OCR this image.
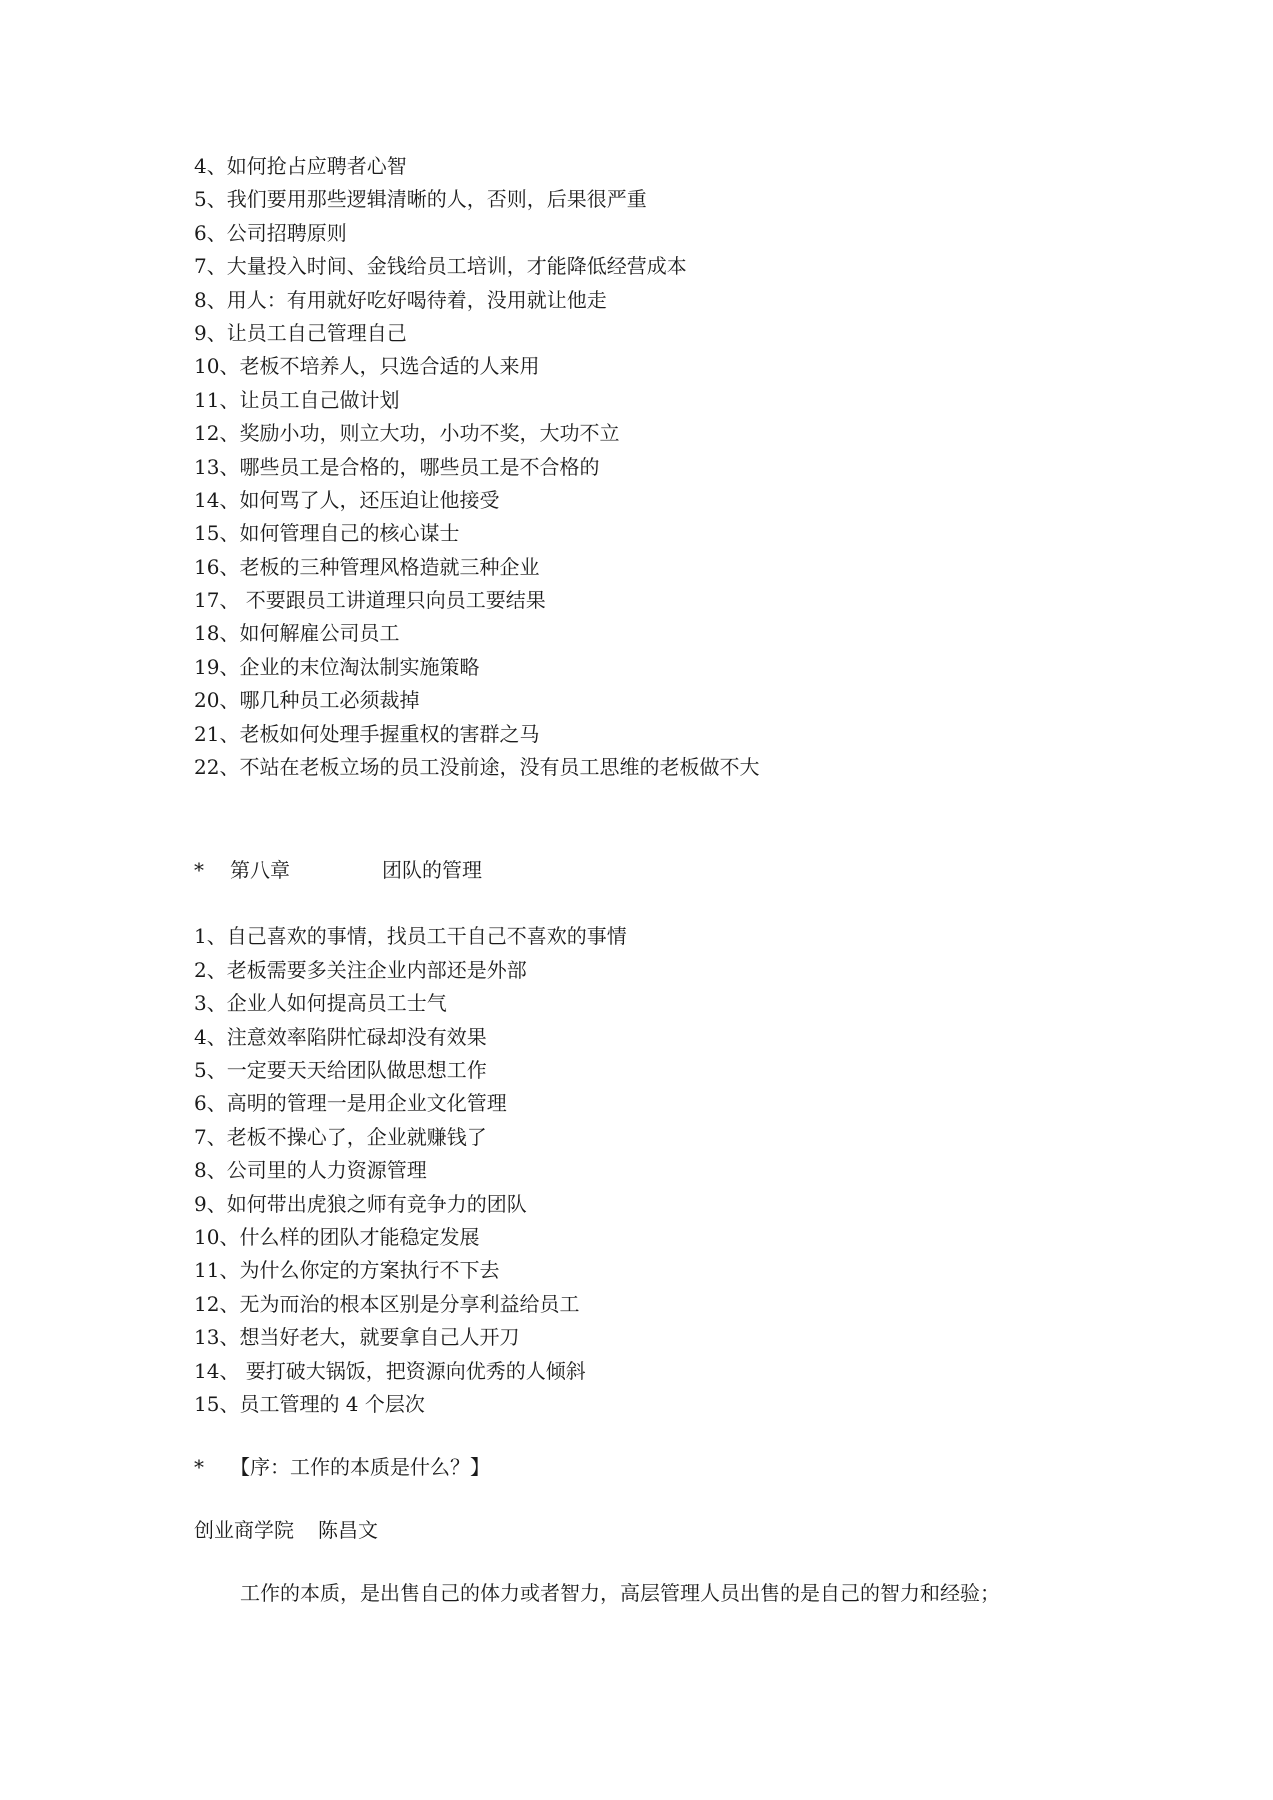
4、如何抢占应聘者心智
5、我们要用那些逻辑清晰的人，否则，后果很严重
6、公司招聘原则
7、大量投入时间、金钱给员工培训，才能降低经营成本
8、用人：有用就好吃好喝待着，没用就让他走
9、让员工自己管理自己
10、老板不培养人，只选合适的人来用
11、让员工自己做计划
12、奖励小功，则立大功，小功不奖，大功不立
13、哪些员工是合格的，哪些员工是不合格的
14、如何骂了人，还压迫让他接受
15、如何管理自己的核心谋士
16、老板的三种管理风格造就三种企业
17、 不要跟员工讲道理只向员工要结果
18、如何解雇公司员工
19、企业的末位淘汰制实施策略
20、哪几种员工必须裁掉
21、老板如何处理手握重权的害群之马
22、不站在老板立场的员工没前途，没有员工思维的老板做不大
* 第八章	团队的管理
1、自己喜欢的事情，找员工干自己不喜欢的事情
2、老板需要多关注企业内部还是外部
3、企业人如何提高员工士气
4、注意效率陷阱忙碌却没有效果
5、一定要天天给团队做思想工作
6、高明的管理一是用企业文化管理
7、老板不操心了，企业就赚钱了
8、公司里的人力资源管理
9、如何带出虎狼之师有竞争力的团队
10、什么样的团队才能稳定发展
11、为什么你定的方案执行不下去
12、无为而治的根本区别是分享利益给员工
13、想当好老大，就要拿自己人开刀
14、 要打破大锅饭，把资源向优秀的人倾斜
15、员工管理的 4 个层次
* 【序：工作的本质是什么？】
创业商学院 陈昌文
工作的本质，是出售自己的体力或者智力，高层管理人员出售的是自己的智力和经验；
